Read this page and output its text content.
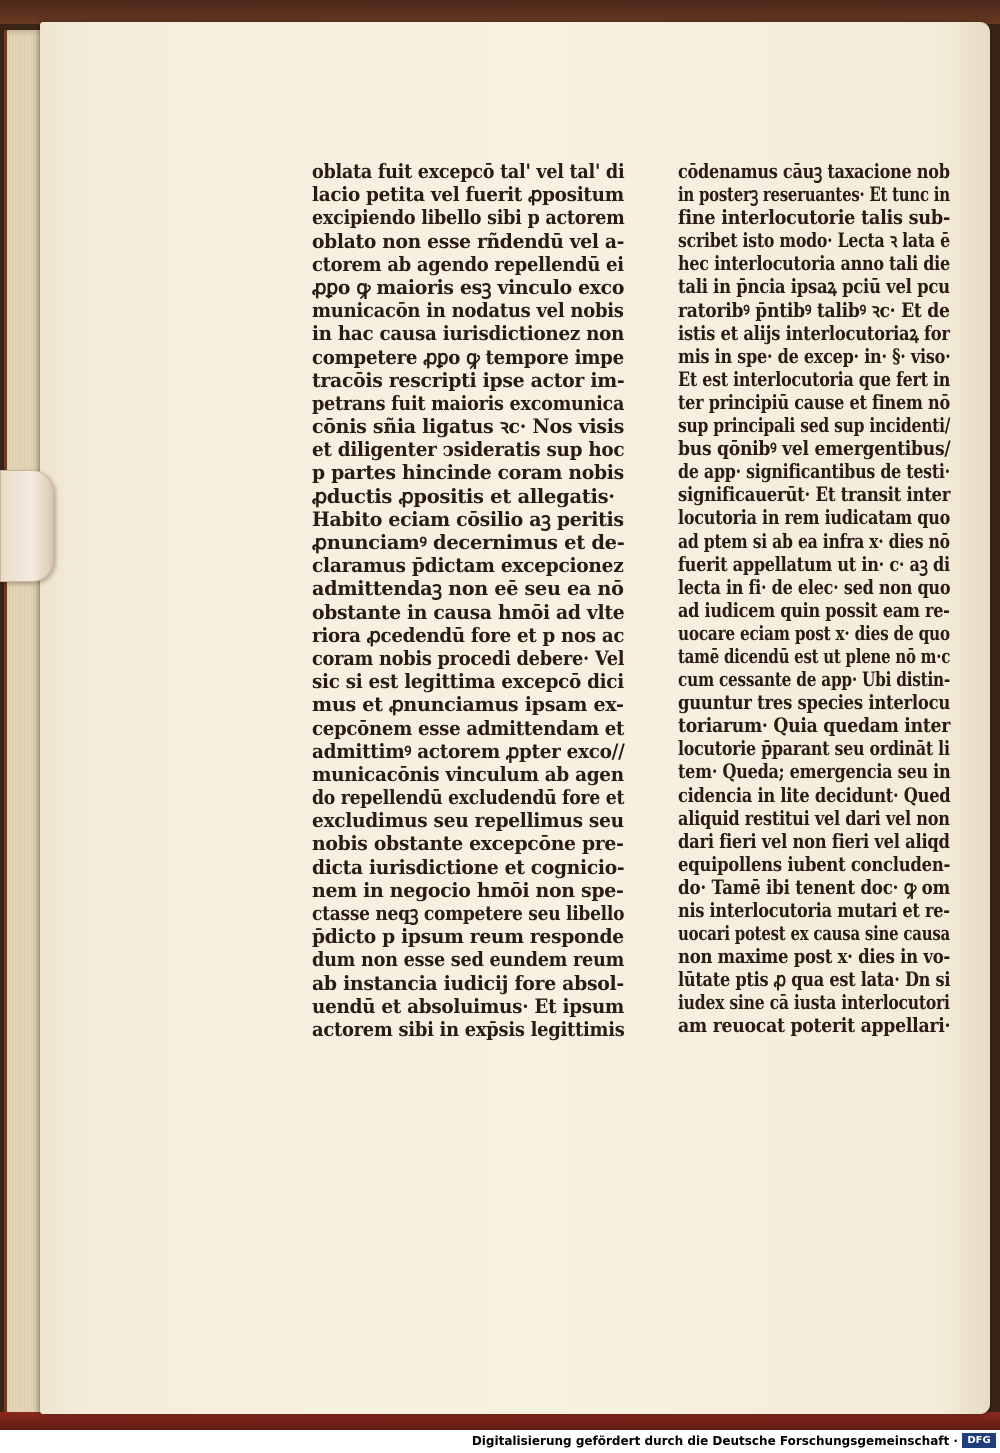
oblata fuit excepcō tal' vel tal' di
lacio petita vel fuerit ꝓpositum
excipiendo libello sibi p actorem
oblato non esse rñdendū vel a-
ctorem ab agendo repellendū ei
ꝓꝑo ꝙ maioris esꝫ vinculo exco
municacōn in nodatus vel nobis
in hac causa iurisdictionez non
competere ꝓꝑo ꝙ tempore impe
tracōis rescripti ipse actor im-
petrans fuit maioris excomunica
cōnis sñia ligatus ꝛc· Nos visis
et diligenter ↄsideratis sup hoc
p partes hincinde coram nobis
ꝓductis ꝓpositis et allegatis·
Habito eciam cōsilio aꝫ peritis
ꝓnunciamꝰ decernimus et de-
claramus p̄dictam excepcionez
admittendaꝫ non eē seu ea nō
obstante in causa hmōi ad vlte
riora ꝓcedendū fore et p nos ac
coram nobis procedi debere· Vel
sic si est legittima excepcō dici
mus et ꝓnunciamus ipsam ex-
cepcōnem esse admittendam et
admittimꝰ actorem ꝓpter exco//
municacōnis vinculum ab agen
do repellendū excludendū fore et
excludimus seu repellimus seu
nobis obstante excepcōne pre-
dicta iurisdictione et cognicio-
nem in negocio hmōi non spe-
ctasse neqꝫ competere seu libello
p̄dicto p ipsum reum responde
dum non esse sed eundem reum
ab instancia iudicij fore absol-
uendū et absoluimus· Et ipsum
actorem sibi in exp̄sis legittimis
cōdenamus cāuꝫ taxacione nob
in posterꝫ reseruantes· Et tunc in
fine interlocutorie talis sub-
scribet isto modo· Lecta ꝛ lata ē
hec interlocutoria anno tali die
tali in p̄ncia ipsaꝝ pciū vel pcu
ratoribꝰ p̄ntibꝰ talibꝰ ꝛc· Et de
istis et alijs interlocutoriaꝝ for
mis in spe· de excep· in· §· viso·
Et est interlocutoria que fert in
ter principiū cause et finem nō
sup principali sed sup incidenti/
bus qōnibꝰ vel emergentibus/
de app· significantibus de testi·
significauerūt· Et transit inter
locutoria in rem iudicatam quo
ad ptem si ab ea infra x· dies nō
fuerit appellatum ut in· c· aꝫ di
lecta in fi· de elec· sed non quo
ad iudicem quin possit eam re-
uocare eciam post x· dies de quo
tamē dicendū est ut plene nō m·c
cum cessante de app· Ubi distin-
guuntur tres species interlocu
toriarum· Quia quedam inter
locutorie p̄parant seu ordināt li
tem· Queda; emergencia seu in
cidencia in lite decidunt· Qued
aliquid restitui vel dari vel non
dari fieri vel non fieri vel aliqd
equipollens iubent concluden-
do· Tamē ibi tenent doc· ꝙ om
nis interlocutoria mutari et re-
uocari potest ex causa sine causa
non maxime post x· dies in vo-
lūtate ptis ꝓ qua est lata· Dn si
iudex sine cā iusta interlocutori
am reuocat poterit appellari·
Digitalisierung gefördert durch die Deutsche Forschungsgemeinschaft · DFG
